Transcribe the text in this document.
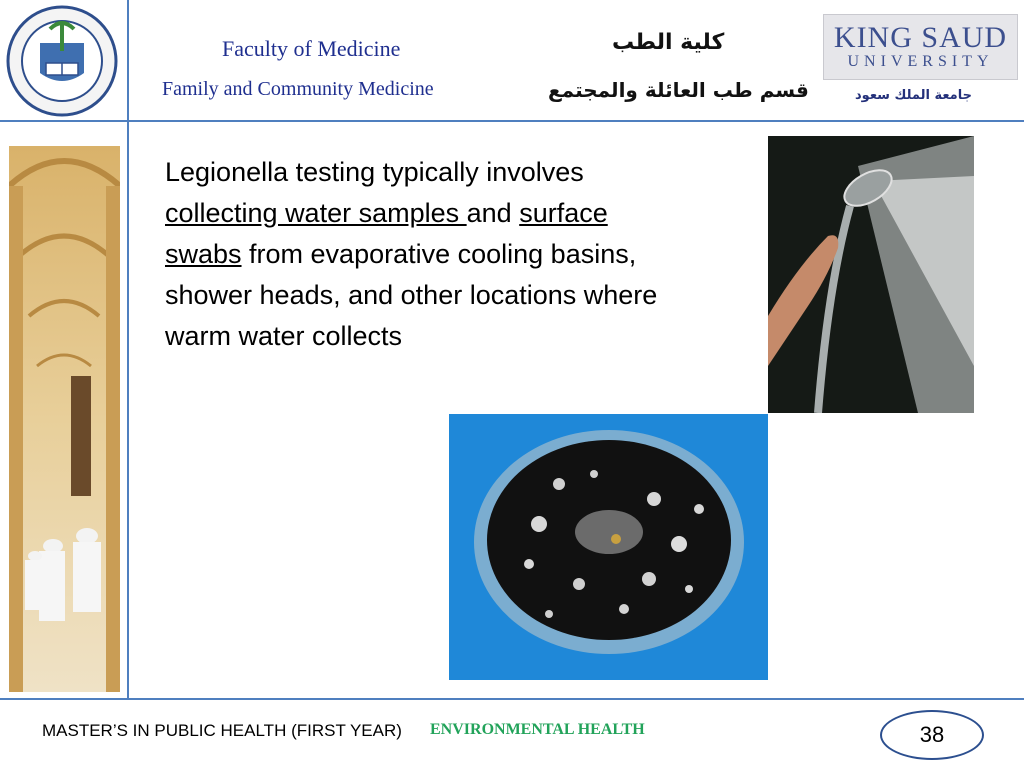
Faculty of Medicine
Family and Community Medicine
كلية الطب
قسم طب العائلة والمجتمع
KING SAUD
UNIVERSITY
جامعة الملك سعود
Legionella testing typically involves collecting water samples and surface swabs from evaporative cooling basins, shower heads, and other locations where warm water collects
MASTER’S IN PUBLIC HEALTH (FIRST YEAR) ENVIRONMENTAL HEALTH	38
